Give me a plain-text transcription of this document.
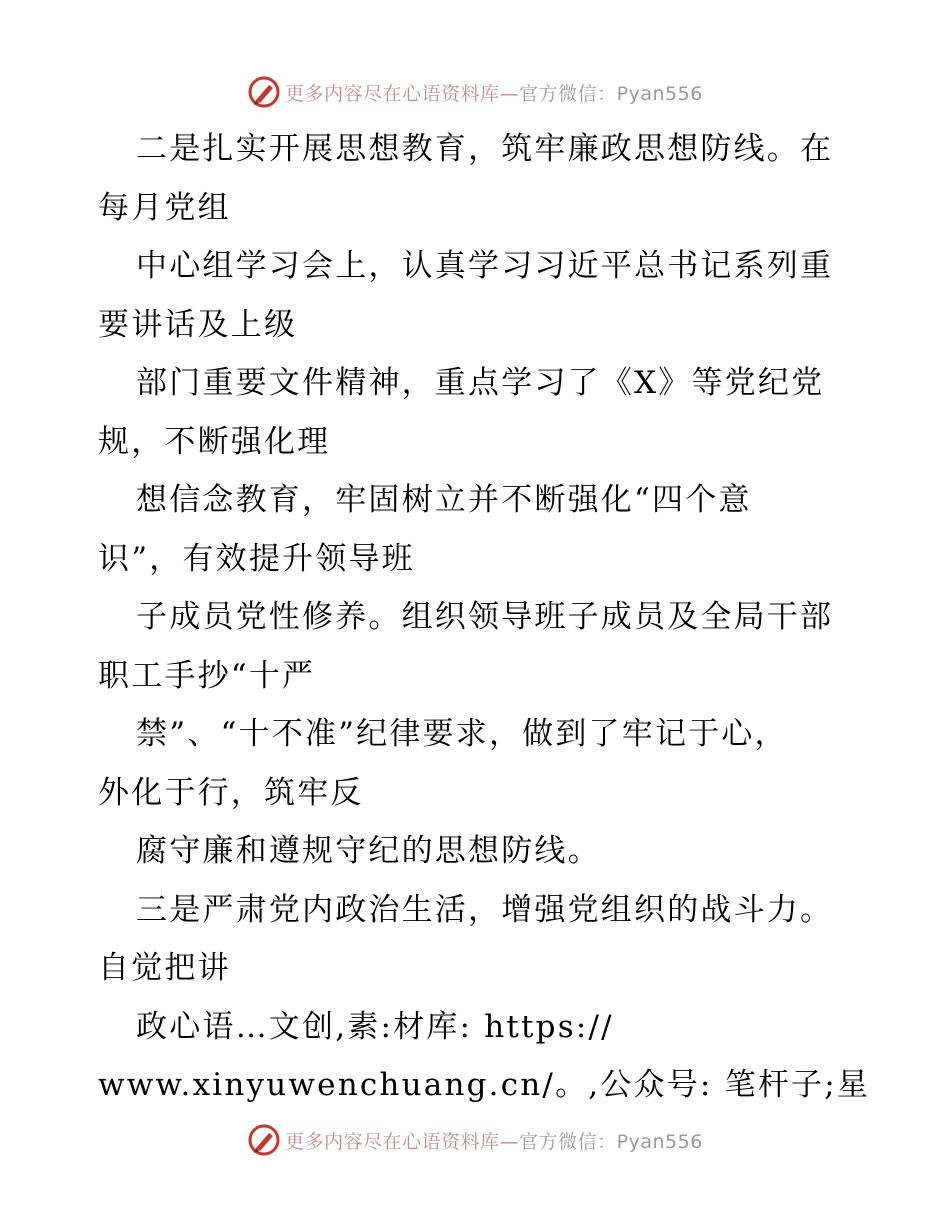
更多内容尽在心语资料库—官方微信：Pyan556
二是扎实开展思想教育，筑牢廉政思想防线。在
每月党组
中心组学习会上，认真学习习近平总书记系列重
要讲话及上级
部门重要文件精神，重点学习了《X》等党纪党
规，不断强化理
想信念教育，牢固树立并不断强化“四个意
识”，有效提升领导班
子成员党性修养。组织领导班子成员及全局干部
职工手抄“十严
禁”、“十不准”纪律要求，做到了牢记于心，
外化于行，筑牢反
腐守廉和遵规守纪的思想防线。
三是严肃党内政治生活，增强党组织的战斗力。
自觉把讲
政心语…文创,素:材库: https://
www.xinyuwenchuang.cn/。,公众号: 笔杆子;星
更多内容尽在心语资料库—官方微信：Pyan556
